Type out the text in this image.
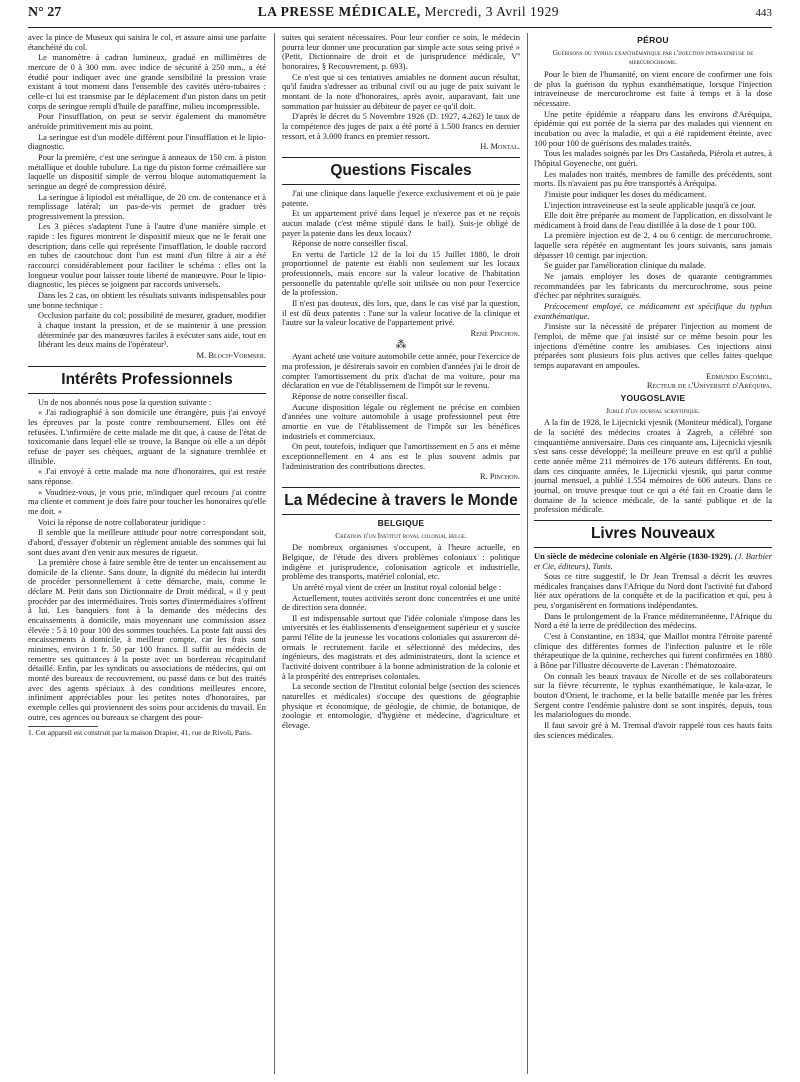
N° 27	LA PRESSE MÉDICALE, Mercredi, 3 Avril 1929	443

avec la pince de Museux qui saisira le col, et assure ainsi une parfaite étanchéité du col.

Le manomètre à cadran lumineux, gradué en millimètres de mercure de 0 à 300 mm. avec indice de sécurité à 250 mm., a été étudié pour indiquer avec une grande sensibilité la pression vraie existant à tout moment dans l'ensemble des cavités utéro-tubaires : celle-ci lui est transmise par le déplacement d'un piston dans un petit corps de seringue rempli d'huile de paraffine, milieu incompressible.

Pour l'insufflation, on peut se servir également du manomètre anéroïde primitivement mis au point.

La seringue est d'un modèle différent pour l'insufflation et le lipio-diagnostic.

Pour la première, c'est une seringue à anneaux de 150 cm. à piston métallique et double tubulure. La tige du piston forme crémaillère sur laquelle un dispositif simple de verrou bloque automatiquement la seringue au degré de compression désiré.

La seringue à lipiodol est métallique, de 20 cm. de contenance et à remplissage latéral; un pas-de-vis permet de graduer très progressivement la pression.

Les 3 pièces s'adaptent l'une à l'autre d'une manière simple et rapide : les figures montrent le dispositif mieux que ne le ferait une description; dans celle qui représente l'insufflation, le double raccord en tubes de caoutchouc dont l'un est muni d'un filtre à air a été raccourci considérablement pour faciliter le schéma : elles ont la longueur voulue pour laisser toute liberté de manœuvre. Pour le lipio-diagnostic, les pièces se joignent par raccords universels.

Dans les 2 cas, on obtient les résultats suivants indispensables pour une bonne technique :

Occlusion parfaite du col; possibilité de mesurer, graduer, modifier à chaque instant la pression, et de se maintenir à une pression déterminée par des manœuvres faciles à exécuter sans aide, tout en libérant les deux mains de l'opérateur¹.

M. Bloch-Vormser.

Intérêts Professionnels

Un de nos abonnés nous pose la question suivante :

« J'ai radiographié à son domicile une étrangère, puis j'ai envoyé les épreuves par la poste contre remboursement. Elles ont été refusées. L'infirmière de cette malade me dit que, à cause de l'état de toxicomanie dans lequel elle se trouve, la Banque où elle a un dépôt refuse de payer ses chèques, arguant de la signature tremblée et illisible.

« J'ai envoyé à cette malade ma note d'honoraires, qui est restée sans réponse.

« Voudriez-vous, je vous prie, m'indiquer quel recours j'ai contre ma cliente et comment je dois faire pour toucher les honoraires qu'elle me doit. »

Voici la réponse de notre collaborateur juridique :

Il semble que la meilleure attitude pour notre correspondant soit, d'abord, d'essayer d'obtenir un règlement amiable des sommes qui lui sont dues avant d'en venir aux mesures de rigueur.

La première chose à faire semble être de tenter un encaissement au domicile de la cliente. Sans doute, la dignité du médecin lui interdit de procéder personnellement à cette démarche, mais, comme le déclare M. Petit dans son Dictionnaire de Droit médical, « il y peut procéder par des intermédiaires. Trois sortes d'intermédiaires s'offrent à lui. Les banquiers font à la demande des médecins des encaissements à domicile, mais moyennant une commission assez élevée : 5 à 10 pour 100 des sommes touchées. La poste fait aussi des encaissements à domicile, à meilleur compte, car les frais sont minimes, environ 1 fr. 50 par 100 francs. Il suffit au médecin de remettre ses quittances à la poste avec un bordereau récapitulatif détaillé. Enfin, par les syndicats ou associations de médecins, qui ont monté des bureaux de recouvrement, ou passé dans ce but des traités avec des agents spéciaux à des conditions meilleures encore, infiniment appréciables pour les petites notes d'honoraires, par exemple celles qui proviennent des soins pour accidents du travail. En outre, ces agences ou bureaux se chargent des pour-

1. Cet appareil est construit par la maison Drapier, 41, rue de Rivoli, Paris.

suites qui seraient nécessaires. Pour leur confier ce soin, le médecin pourra leur donner une procuration par simple acte sous seing privé » (Petit, Dictionnaire de droit et de jurisprudence médicale, Vº honoraires, § Recouvrement, p. 693).

Ce n'est que si ces tentatives amiables ne donnent aucun résultat, qu'il faudra s'adresser au tribunal civil ou au juge de paix suivant le montant de la note d'honoraires, après avoir, auparavant, fait une sommation par huissier au débiteur de payer ce qu'il doit.

D'après le décret du 5 Novembre 1926 (D. 1927, 4.262) le taux de la compétence des juges de paix a été porté à 1.500 francs en dernier ressort, et à 3.000 francs en premier ressort.

H. Montal.

Questions Fiscales

J'ai une clinique dans laquelle j'exerce exclusivement et où je paie patente.

Et un appartement privé dans lequel je n'exerce pas et ne reçois aucun malade (c'est même stipulé dans le bail). Suis-je obligé de payer la patente dans les deux locaux?

Réponse de notre conseiller fiscal.

En vertu de l'article 12 de la loi du 15 Juillet 1880, le droit proportionnel de patente est établi non seulement sur les locaux professionnels, mais encore sur la valeur locative de l'habitation personnelle du patentable qu'elle soit utilisée ou non pour l'exercice de la profession.

Il n'est pas douteux, dès lors, que, dans le cas visé par la question, il est dû deux patentes : l'une sur la valeur locative de la clinique et l'autre sur la valeur locative de l'appartement privé.

René Pinchon.

⁂

Ayant acheté une voiture automobile cette année, pour l'exercice de ma profession, je désirerais savoir en combien d'années j'ai le droit de compter l'amortissement du prix d'achat de ma voiture, pour ma déclaration en vue de l'établissement de l'impôt sur le revenu.

Réponse de notre conseiller fiscal.

Aucune disposition légale ou règlement ne précise en combien d'années une voiture automobile à usage professionnel peut être amortie en vue de l'établissement de l'impôt sur les bénéfices industriels et commerciaux.

On peut, toutefois, indiquer que l'amortissement en 5 ans et même exceptionnellement en 4 ans est le plus souvent admis par l'administration des contributions directes.

R. Pinchon.

La Médecine à travers le Monde
BELGIQUE
Création d'un Institut royal colonial belge.

De nombreux organismes s'occupent, à l'heure actuelle, en Belgique, de l'étude des divers problèmes coloniaux : politique indigène et jurisprudence, colonisation agricole et industrielle, problème des transports, matériel colonial, etc.

Un arrêté royal vient de créer un Institut royal colonial belge :

Actuellement, toutes activités seront donc concentrées et une unité de direction sera donnée.

Il est indispensable surtout que l'idée coloniale s'impose dans les universités et les établissements d'enseignement supérieur et y suscite parmi l'élite de la jeunesse les vocations coloniales qui assureront dé-ormais le recrutement facile et sélectionné des médecins, des ingénieurs, des magistrats et des administrateurs, dont la science et l'activité doivent contribuer à la bonne administration de la colonie et à la prospérité des entreprises coloniales.

La seconde section de l'Institut colonial belge (section des sciences naturelles et médicales) s'occupe des questions de géographie physique et économique, de géologie, de chimie, de botanique, de zoologie et entomologie, d'hygiène et médecine, d'agriculture et élevage.

PÉROU
Guérisons du typhus exanthématique par l'injection intraveineuse de mercurochrome.

Pour le bien de l'humanité, on vient encore de confirmer une fois de plus la guérison du typhus exanthématique, lorsque l'injection intraveineuse de mercurochrome est faite à temps et à la dose nécessaire.

Une petite épidémie a réapparu dans les environs d'Aréquipa, épidémie qui est portée de la sierra par des malades qui viennent en incubation ou avec la maladie, et qui a été rapidement éteinte, avec 100 pour 100 de guérisons des malades traités.

Tous les malades soignés par les Drs Castañeda, Piérola et autres, à l'hôpital Goyeneche, ont guéri.

Les malades non traités, membres de famille des précédents, sont morts. Ils n'avaient pas pu être transportés à Aréquipa.

J'insiste pour indiquer les doses du médicament.

L'injection intraveineuse est la seule applicable jusqu'à ce jour.

Elle doit être préparée au moment de l'application, en dissolvant le médicament à froid dans de l'eau distillée à la dose de 1 pour 100.

La première injection est de 2, 4 ou 6 centigr. de mercurochrome, laquelle sera répétée en augmentant les jours suivants, sans jamais dépasser 10 centigr. par injection.

Se guider par l'amélioration clinique du malade.

Ne jamais employer les doses de quarante centigrammes recommandées par les fabricants du mercurochrome, sous peine d'échec par néphrites suraiguës.

Précocement employé, ce médicament est spécifique du typhus exanthématique.

J'insiste sur la nécessité de préparer l'injection au moment de l'emploi, de même que j'ai insisté sur ce même besoin pour les injections d'émétine contre les amibiases. Ces injections ainsi préparées sont plusieurs fois plus actives que celles faites quelque temps auparavant en ampoules.

Edmundo Escomel,

Recteur de l'Université d'Aréquipa.

YOUGOSLAVIE
Jubilé d'un journal scientifique.

A la fin de 1928, le Lijecnicki vjesnik (Moniteur médical), l'organe de la société des médecins croates à Zagreb, a célébré son cinquantième anniversaire. Dans ces cinquante ans, Lijecnicki vjesnik s'est sans cesse développé; la meilleure preuve en est qu'il a publié cette année même 211 mémoires de 176 auteurs différents. En tout, dans ces cinquante années, le Lijecnicki vjesnik, qui parut comme journal mensuel, a publié 1.554 mémoires de 606 auteurs. Dans ce journal, on trouve presque tout ce qui a été fait en Croatie dans le domaine de la science médicale, de la santé publique et de la profession médicale.

Livres Nouveaux

Un siècle de médecine coloniale en Algérie (1830-1929). (J. Barbier et Cie, éditeurs), Tunis.

Sous ce titre suggestif, le Dr Jean Tremsal a décrit les œuvres médicales françaises dans l'Afrique du Nord dont l'activité fut d'abord liée aux opérations de la conquête et de la pacification et qui, peu à peu, s'organisèrent en formations indépendantes.

Dans le prolongement de la France méditerranéenne, l'Afrique du Nord a été la terre de prédilection des médecins.

C'est à Constantine, en 1834, que Maillot montra l'étroite parenté clinique des différentes formes de l'infection palustre et le rôle thérapeutique de la quinine, recherches qui furent confirmées en 1880 à Bône par l'illustre découverte de Laveran : l'hématozoaire.

On connaît les beaux travaux de Nicolle et de ses collaborateurs sur la fièvre récurrente, le typhus exanthématique, le kala-azar, le bouton d'Orient, le trachome, et la belle bataille menée par les frères Sergent contre l'endémie palustre dont se sont inspirés, depuis, tous les malariologues du monde.

Il faut savoir gré à M. Tremsal d'avoir rappelé tous ces hauts faits des sciences médicales.
